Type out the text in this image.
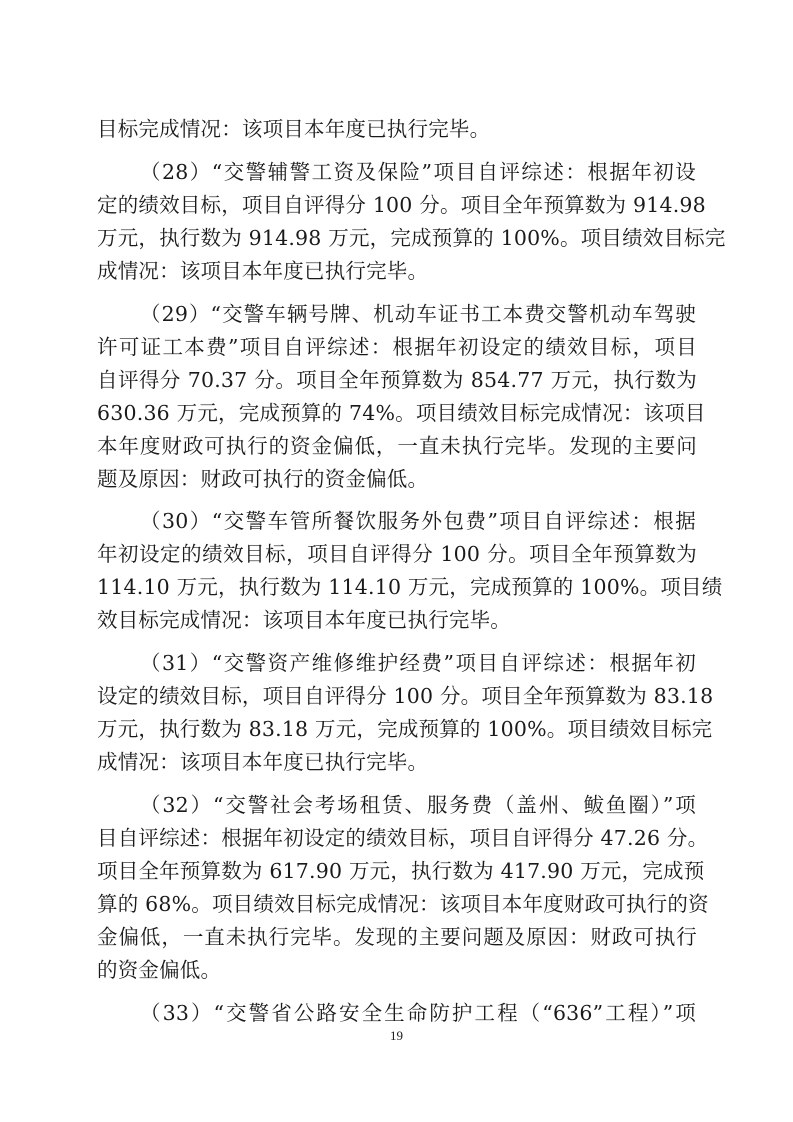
目标完成情况：该项目本年度已执行完毕。
（28）“交警辅警工资及保险”项目自评综述：根据年初设
定的绩效目标，项目自评得分 100 分。项目全年预算数为 914.98
万元，执行数为 914.98 万元，完成预算的 100%。项目绩效目标完
成情况：该项目本年度已执行完毕。
（29）“交警车辆号牌、机动车证书工本费交警机动车驾驶
许可证工本费”项目自评综述：根据年初设定的绩效目标，项目
自评得分 70.37 分。项目全年预算数为 854.77 万元，执行数为
630.36 万元，完成预算的 74%。项目绩效目标完成情况：该项目
本年度财政可执行的资金偏低，一直未执行完毕。发现的主要问
题及原因：财政可执行的资金偏低。
（30）“交警车管所餐饮服务外包费”项目自评综述：根据
年初设定的绩效目标，项目自评得分 100 分。项目全年预算数为
114.10 万元，执行数为 114.10 万元，完成预算的 100%。项目绩
效目标完成情况：该项目本年度已执行完毕。
（31）“交警资产维修维护经费”项目自评综述：根据年初
设定的绩效目标，项目自评得分 100 分。项目全年预算数为 83.18
万元，执行数为 83.18 万元，完成预算的 100%。项目绩效目标完
成情况：该项目本年度已执行完毕。
（32）“交警社会考场租赁、服务费（盖州、鲅鱼圈）”项
目自评综述：根据年初设定的绩效目标，项目自评得分 47.26 分。
项目全年预算数为 617.90 万元，执行数为 417.90 万元，完成预
算的 68%。项目绩效目标完成情况：该项目本年度财政可执行的资
金偏低，一直未执行完毕。发现的主要问题及原因：财政可执行
的资金偏低。
（33）“交警省公路安全生命防护工程（“636”工程）”项
19
